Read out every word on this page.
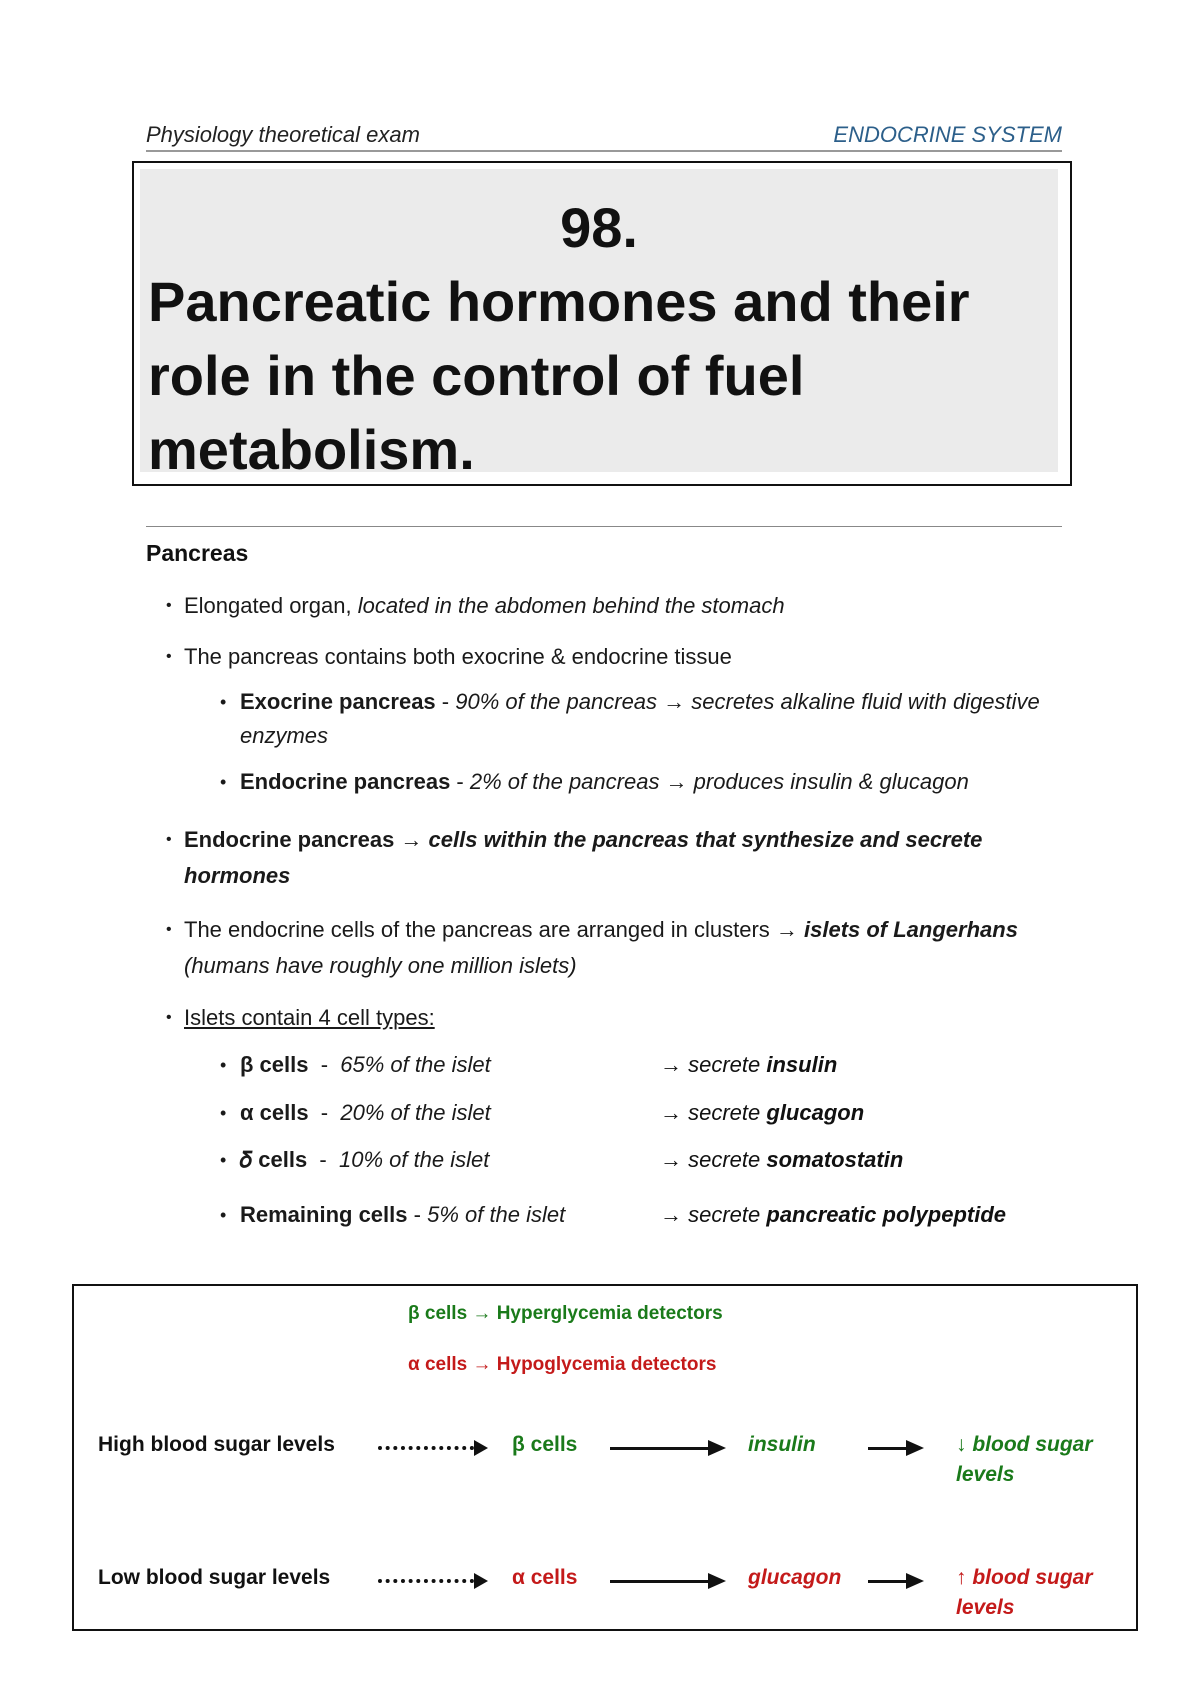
Physiology theoretical exam	ENDOCRINE SYSTEM
98.
Pancreatic hormones and their role in the control of fuel metabolism.
Pancreas
• Elongated organ, located in the abdomen behind the stomach
• The pancreas contains both exocrine & endocrine tissue
• Exocrine pancreas - 90% of the pancreas → secretes alkaline fluid with digestive enzymes
• Endocrine pancreas - 2% of the pancreas → produces insulin & glucagon
• Endocrine pancreas → cells within the pancreas that synthesize and secrete hormones
• The endocrine cells of the pancreas are arranged in clusters → islets of Langerhans (humans have roughly one million islets)
• Islets contain 4 cell types:
• β cells  -  65% of the islet	→ secrete insulin
• α cells  -  20% of the islet	→ secrete glucagon
• 𝛿 cells  -  10% of the islet	→ secrete somatostatin
• Remaining cells - 5% of the islet	→ secrete pancreatic polypeptide
β cells → Hyperglycemia detectors
α cells → Hypoglycemia detectors
High blood sugar levels	β cells	insulin	↓ blood sugar
levels
Low blood sugar levels	α cells	glucagon	↑ blood sugar
levels
